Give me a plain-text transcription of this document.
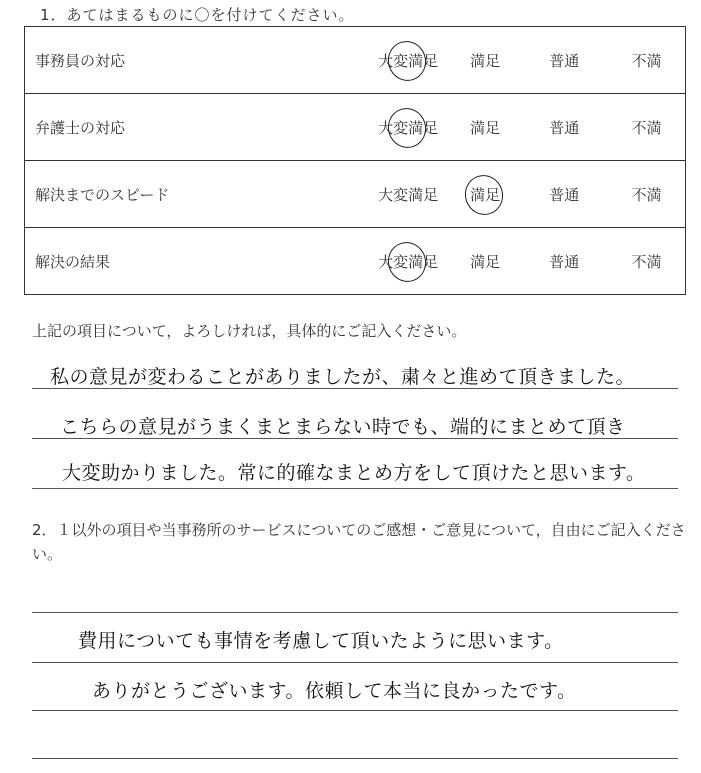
1．あてはまるものに〇を付けてください。
事務員の対応	大変満足	満足	普通	不満
弁護士の対応	大変満足	満足	普通	不満
解決までのスピード	大変満足	満足	普通	不満
解決の結果	大変満足	満足	普通	不満
上記の項目について，よろしければ，具体的にご記入ください。
私の意見が変わることがありましたが、粛々と進めて頂きました。
こちらの意見がうまくまとまらない時でも、端的にまとめて頂き
大変助かりました。常に的確なまとめ方をして頂けたと思います。
2．１以外の項目や当事務所のサービスについてのご感想・ご意見について，自由にご記入ください。
費用についても事情を考慮して頂いたように思います。
ありがとうございます。依頼して本当に良かったです。
